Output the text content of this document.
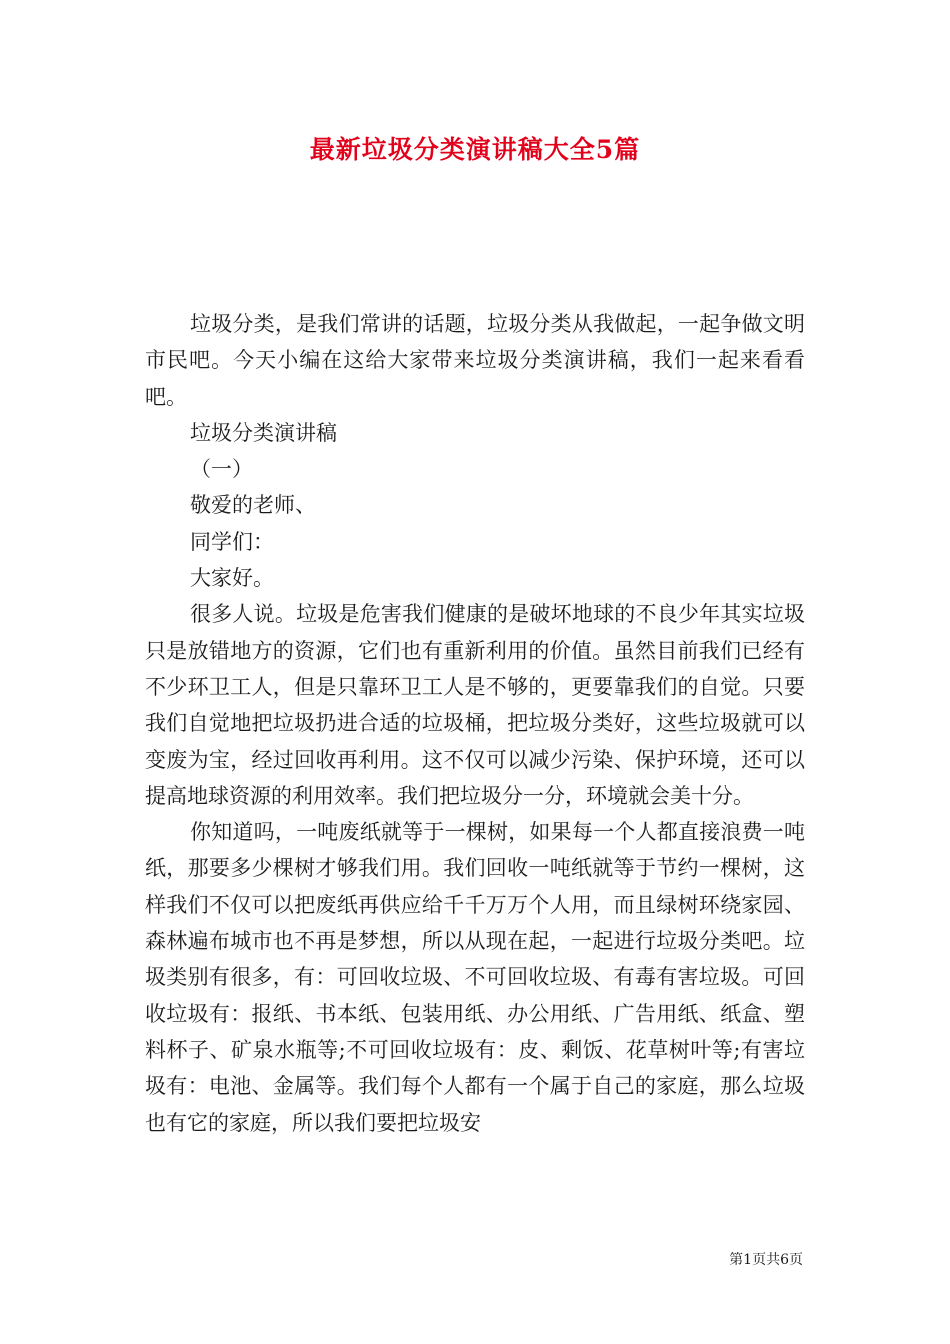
最新垃圾分类演讲稿大全5篇

垃圾分类，是我们常讲的话题，垃圾分类从我做起，一起争做文明市民吧。今天小编在这给大家带来垃圾分类演讲稿，我们一起来看看吧。

垃圾分类演讲稿

（一）

敬爱的老师、

同学们：

大家好。

很多人说。垃圾是危害我们健康的是破坏地球的不良少年其实垃圾只是放错地方的资源，它们也有重新利用的价值。虽然目前我们已经有不少环卫工人，但是只靠环卫工人是不够的，更要靠我们的自觉。只要我们自觉地把垃圾扔进合适的垃圾桶，把垃圾分类好，这些垃圾就可以变废为宝，经过回收再利用。这不仅可以减少污染、保护环境，还可以提高地球资源的利用效率。我们把垃圾分一分，环境就会美十分。

你知道吗，一吨废纸就等于一棵树，如果每一个人都直接浪费一吨纸，那要多少棵树才够我们用。我们回收一吨纸就等于节约一棵树，这样我们不仅可以把废纸再供应给千千万万个人用，而且绿树环绕家园、森林遍布城市也不再是梦想，所以从现在起，一起进行垃圾分类吧。垃圾类别有很多，有：可回收垃圾、不可回收垃圾、有毒有害垃圾。可回收垃圾有：报纸、书本纸、包装用纸、办公用纸、广告用纸、纸盒、塑料杯子、矿泉水瓶等;不可回收垃圾有：皮、剩饭、花草树叶等;有害垃圾有：电池、金属等。我们每个人都有一个属于自己的家庭，那么垃圾也有它的家庭，所以我们要把垃圾安

第1页共6页
